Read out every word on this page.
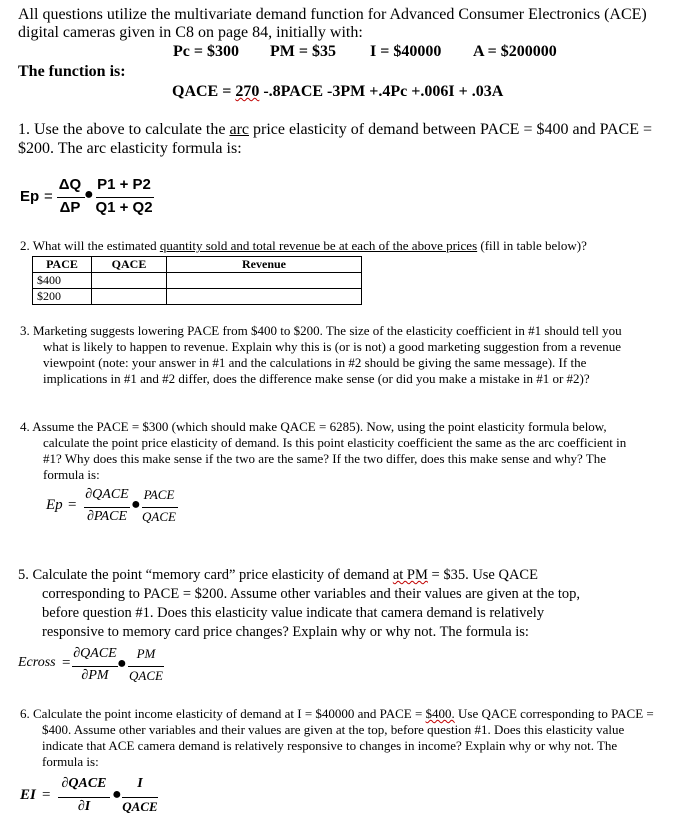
All questions utilize the multivariate demand function for Advanced Consumer Electronics (ACE)
digital cameras given in C8 on page 84, initially with:
Pc = $300 PM = $35 I = $40000 A = $200000
The function is:
QACE = 270 -.8PACE -3PM +.4Pc +.006I + .03A
1. Use the above to calculate the arc price elasticity of demand between PACE = $400 and PACE =
$200. The arc elasticity formula is:
Ep =
ΔQ
ΔP
●
P1 + P2
Q1 + Q2
2. What will the estimated quantity sold and total revenue be at each of the above prices (fill in table below)?
PACE	QACE	Revenue
$400		
$200		
3. Marketing suggests lowering PACE from $400 to $200. The size of the elasticity coefficient in #1 should tell you
what is likely to happen to revenue. Explain why this is (or is not) a good marketing suggestion from a revenue
viewpoint (note: your answer in #1 and the calculations in #2 should be giving the same message). If the
implications in #1 and #2 differ, does the difference make sense (or did you make a mistake in #1 or #2)?
4. Assume the PACE = $300 (which should make QACE = 6285). Now, using the point elasticity formula below,
calculate the point price elasticity of demand. Is this point elasticity coefficient the same as the arc coefficient in
#1? Why does this make sense if the two are the same? If the two differ, does this make sense and why? The
formula is:
Ep =
∂QACE
∂PACE
●
PACE
QACE
5. Calculate the point “memory card” price elasticity of demand at PM = $35. Use QACE
corresponding to PACE = $200. Assume other variables and their values are given at the top,
before question #1. Does this elasticity value indicate that camera demand is relatively
responsive to memory card price changes? Explain why or why not. The formula is:
Ecross =
∂QACE
∂PM
●
PM
QACE
6. Calculate the point income elasticity of demand at I = $40000 and PACE = $400. Use QACE corresponding to PACE =
$400. Assume other variables and their values are given at the top, before question #1. Does this elasticity value
indicate that ACE camera demand is relatively responsive to changes in income? Explain why or why not. The
formula is:
EI =
∂QACE
∂I
●
I
QACE
